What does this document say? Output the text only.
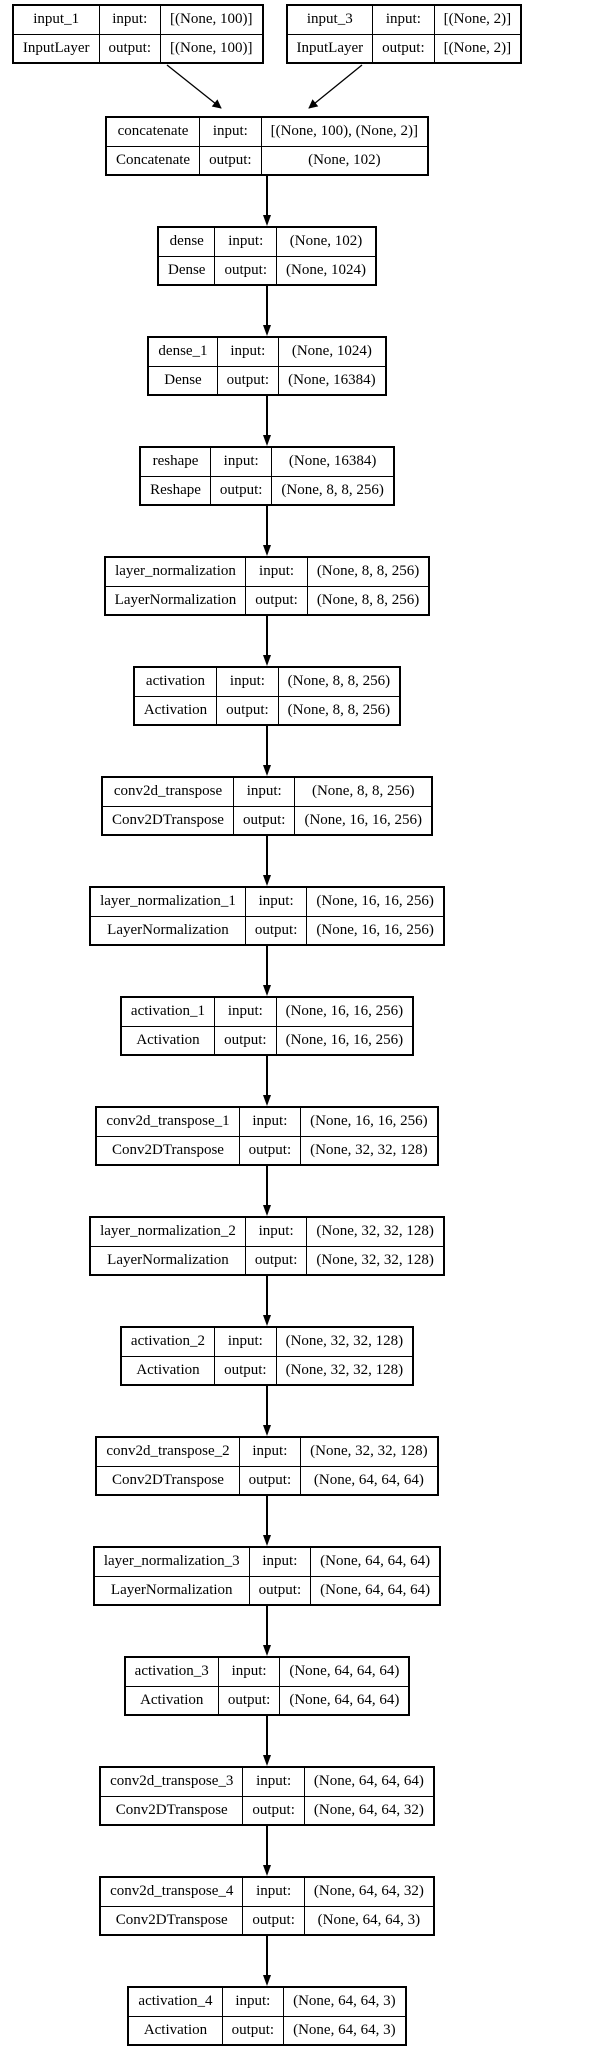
input_1	input:	[(None, 100)]
InputLayer	output:	[(None, 100)]
input_3	input:	[(None, 2)]
InputLayer	output:	[(None, 2)]
concatenate	input:	[(None, 100), (None, 2)]
Concatenate	output:	(None, 102)
dense	input:	(None, 102)
Dense	output:	(None, 1024)
dense_1	input:	(None, 1024)
Dense	output:	(None, 16384)
reshape	input:	(None, 16384)
Reshape	output:	(None, 8, 8, 256)
layer_normalization	input:	(None, 8, 8, 256)
LayerNormalization	output:	(None, 8, 8, 256)
activation	input:	(None, 8, 8, 256)
Activation	output:	(None, 8, 8, 256)
conv2d_transpose	input:	(None, 8, 8, 256)
Conv2DTranspose	output:	(None, 16, 16, 256)
layer_normalization_1	input:	(None, 16, 16, 256)
LayerNormalization	output:	(None, 16, 16, 256)
activation_1	input:	(None, 16, 16, 256)
Activation	output:	(None, 16, 16, 256)
conv2d_transpose_1	input:	(None, 16, 16, 256)
Conv2DTranspose	output:	(None, 32, 32, 128)
layer_normalization_2	input:	(None, 32, 32, 128)
LayerNormalization	output:	(None, 32, 32, 128)
activation_2	input:	(None, 32, 32, 128)
Activation	output:	(None, 32, 32, 128)
conv2d_transpose_2	input:	(None, 32, 32, 128)
Conv2DTranspose	output:	(None, 64, 64, 64)
layer_normalization_3	input:	(None, 64, 64, 64)
LayerNormalization	output:	(None, 64, 64, 64)
activation_3	input:	(None, 64, 64, 64)
Activation	output:	(None, 64, 64, 64)
conv2d_transpose_3	input:	(None, 64, 64, 64)
Conv2DTranspose	output:	(None, 64, 64, 32)
conv2d_transpose_4	input:	(None, 64, 64, 32)
Conv2DTranspose	output:	(None, 64, 64, 3)
activation_4	input:	(None, 64, 64, 3)
Activation	output:	(None, 64, 64, 3)
